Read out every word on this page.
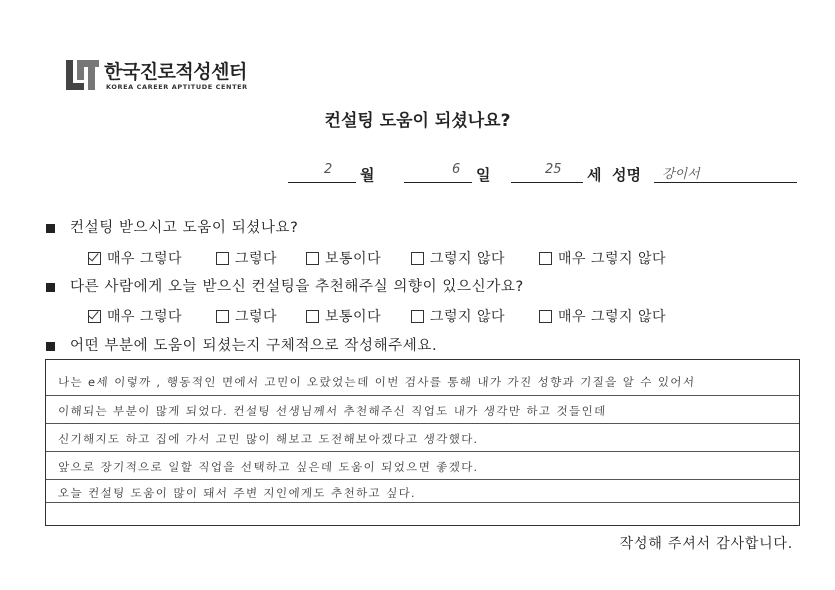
한국진로적성센터
KOREA CAREER APTITUDE CENTER
컨설팅 도움이 되셨나요?
2 월	6 일	25 세 성명 강이서
컨설팅 받으시고 도움이 되셨나요?
매우 그렇다	그렇다	보통이다	그렇지 않다	매우 그렇지 않다
다른 사람에게 오늘 받으신 컨설팅을 추천해주실 의향이 있으신가요?
매우 그렇다	그렇다	보통이다	그렇지 않다	매우 그렇지 않다
어떤 부분에 도움이 되셨는지 구체적으로 작성해주세요.
나는 e세 이렇까 , 행동적인 면에서 고민이 오랐었는데 이번 검사를 통해 내가 가진 성향과 기질을 알 수 있어서
이해되는 부분이 많게 되었다. 컨설팅 선생님께서 추천해주신 직업도 내가 생각만 하고 것들인데
신기해지도 하고 집에 가서 고민 많이 해보고 도전해보아겠다고 생각했다.
앞으로 장기적으로 일할 직업을 선택하고 싶은데 도움이 되었으면 좋겠다.
오늘 컨설팅 도움이 많이 돼서 주변 지인에게도 추천하고 싶다.
작성해 주셔서 감사합니다.
